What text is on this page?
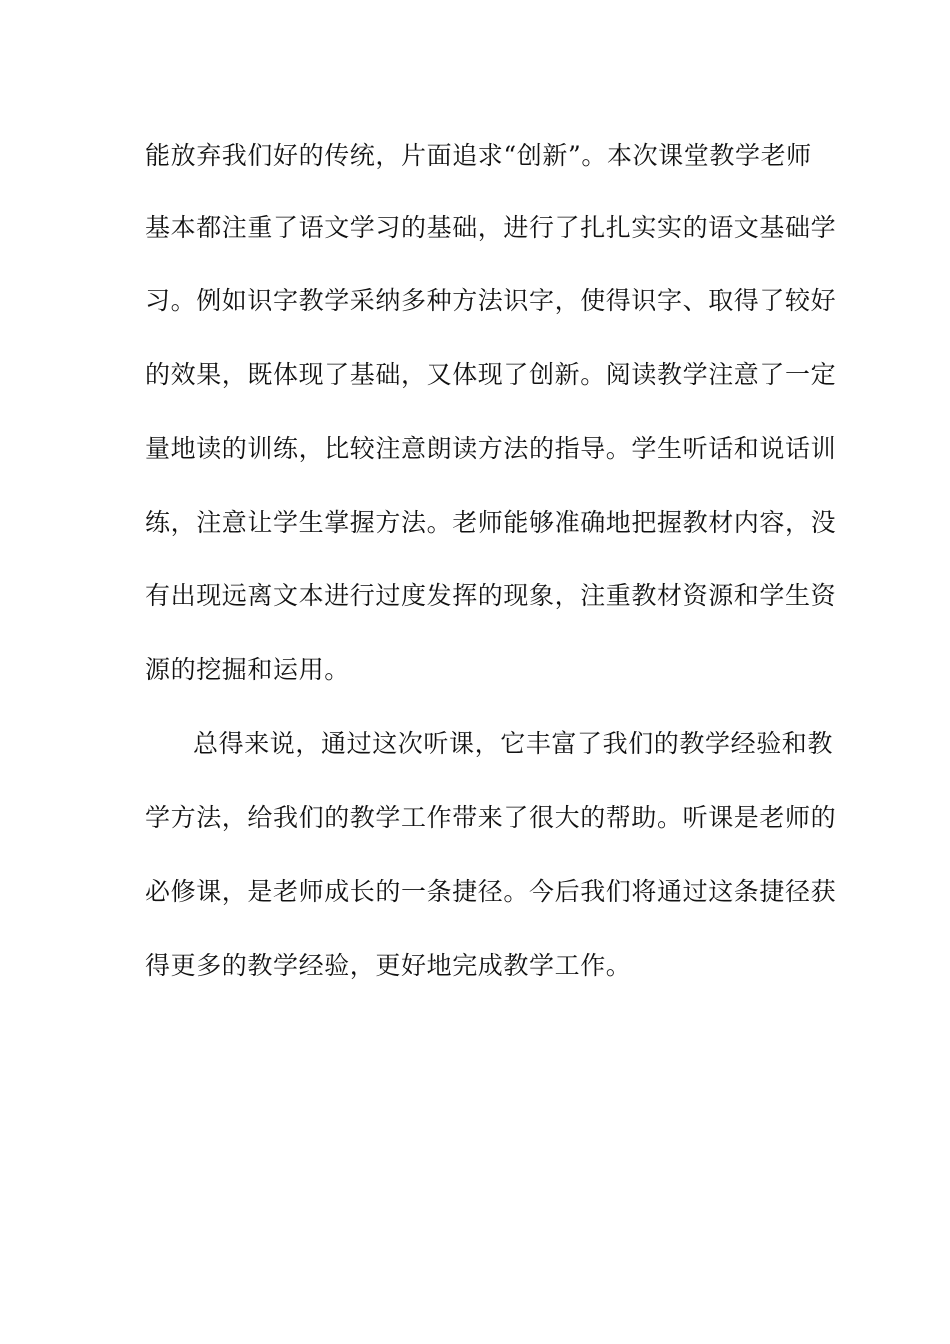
能放弃我们好的传统，片面追求“创新”。本次课堂教学老师
基本都注重了语文学习的基础，进行了扎扎实实的语文基础学
习。例如识字教学采纳多种方法识字，使得识字、取得了较好
的效果，既体现了基础，又体现了创新。阅读教学注意了一定
量地读的训练，比较注意朗读方法的指导。学生听话和说话训
练，注意让学生掌握方法。老师能够准确地把握教材内容，没
有出现远离文本进行过度发挥的现象，注重教材资源和学生资
源的挖掘和运用。
总得来说，通过这次听课，它丰富了我们的教学经验和教
学方法，给我们的教学工作带来了很大的帮助。听课是老师的
必修课，是老师成长的一条捷径。今后我们将通过这条捷径获
得更多的教学经验，更好地完成教学工作。
